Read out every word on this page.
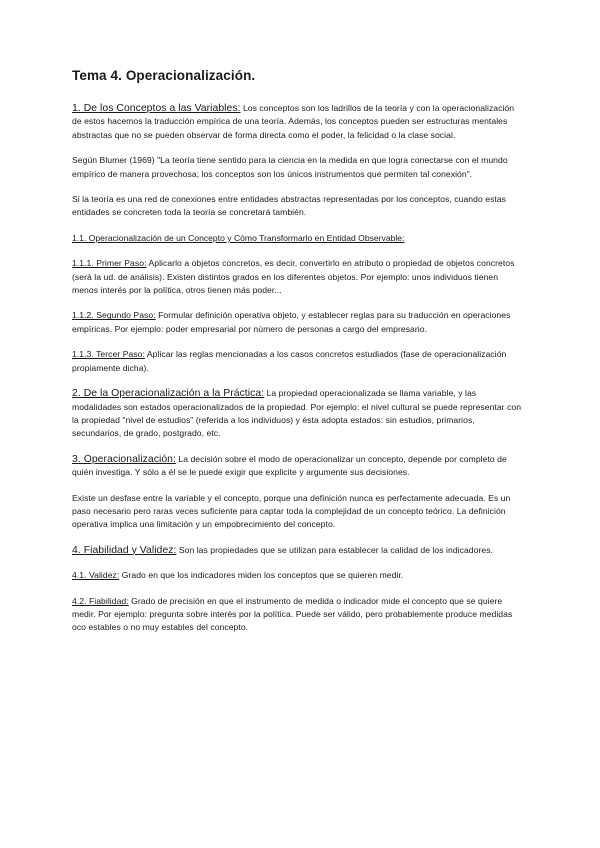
Tema 4. Operacionalización.

1. De los Conceptos a las Variables: Los conceptos son los ladrillos de la teoría y con la operacionalización de estos hacemos la traducción empírica de una teoría. Además, los conceptos pueden ser estructuras mentales abstractas que no se pueden observar de forma directa como el poder, la felicidad o la clase social.

Según Blumer (1969) "La teoría tiene sentido para la ciencia en la medida en que logra conectarse con el mundo empírico de manera provechosa; los conceptos son los únicos instrumentos que permiten tal conexión".

Si la teoría es una red de conexiones entre entidades abstractas representadas por los conceptos, cuando estas entidades se concreten toda la teoría se concretará también.

1.1. Operacionalización de un Concepto y Cómo Transformarlo en Entidad Observable:

1.1.1. Primer Paso: Aplicarlo a objetos concretos, es decir, convertirlo en atributo o propiedad de objetos concretos (será la ud. de análisis). Existen distintos grados en los diferentes objetos. Por ejemplo: unos individuos tienen menos interés por la política, otros tienen más poder...

1.1.2. Segundo Paso: Formular definición operativa objeto, y establecer reglas para su traducción en operaciones empíricas. Por ejemplo: poder empresarial por número de personas a cargo del empresario.

1.1.3. Tercer Paso: Aplicar las reglas mencionadas a los casos concretos estudiados (fase de operacionalización propiamente dicha).

2. De la Operacionalización a la Práctica: La propiedad operacionalizada se llama variable, y las modalidades son estados operacionalizados de la propiedad. Por ejemplo: el nivel cultural se puede representar con la propiedad "nivel de estudios" (referida a los individuos) y ésta adopta estados: sin estudios, primarios, secundarios, de grado, postgrado, etc.

3. Operacionalización: La decisión sobre el modo de operacionalizar un concepto, depende por completo de quién investiga. Y sólo a él se le puede exigir que explicite y argumente sus decisiones.

Existe un desfase entre la variable y el concepto, porque una definición nunca es perfectamente adecuada. Es un paso necesario pero raras veces suficiente para captar toda la complejidad de un concepto teórico. La definición operativa implica una limitación y un empobrecimiento del concepto.

4. Fiabilidad y Validez: Son las propiedades que se utilizan para establecer la calidad de los indicadores.

4.1. Validez: Grado en que los indicadores miden los conceptos que se quieren medir.

4.2. Fiabilidad: Grado de precisión en que el instrumento de medida o indicador mide el concepto que se quiere medir. Por ejemplo: pregunta sobre interés por la política. Puede ser válido, pero probablemente produce medidas oco estables o no muy estables del concepto.
